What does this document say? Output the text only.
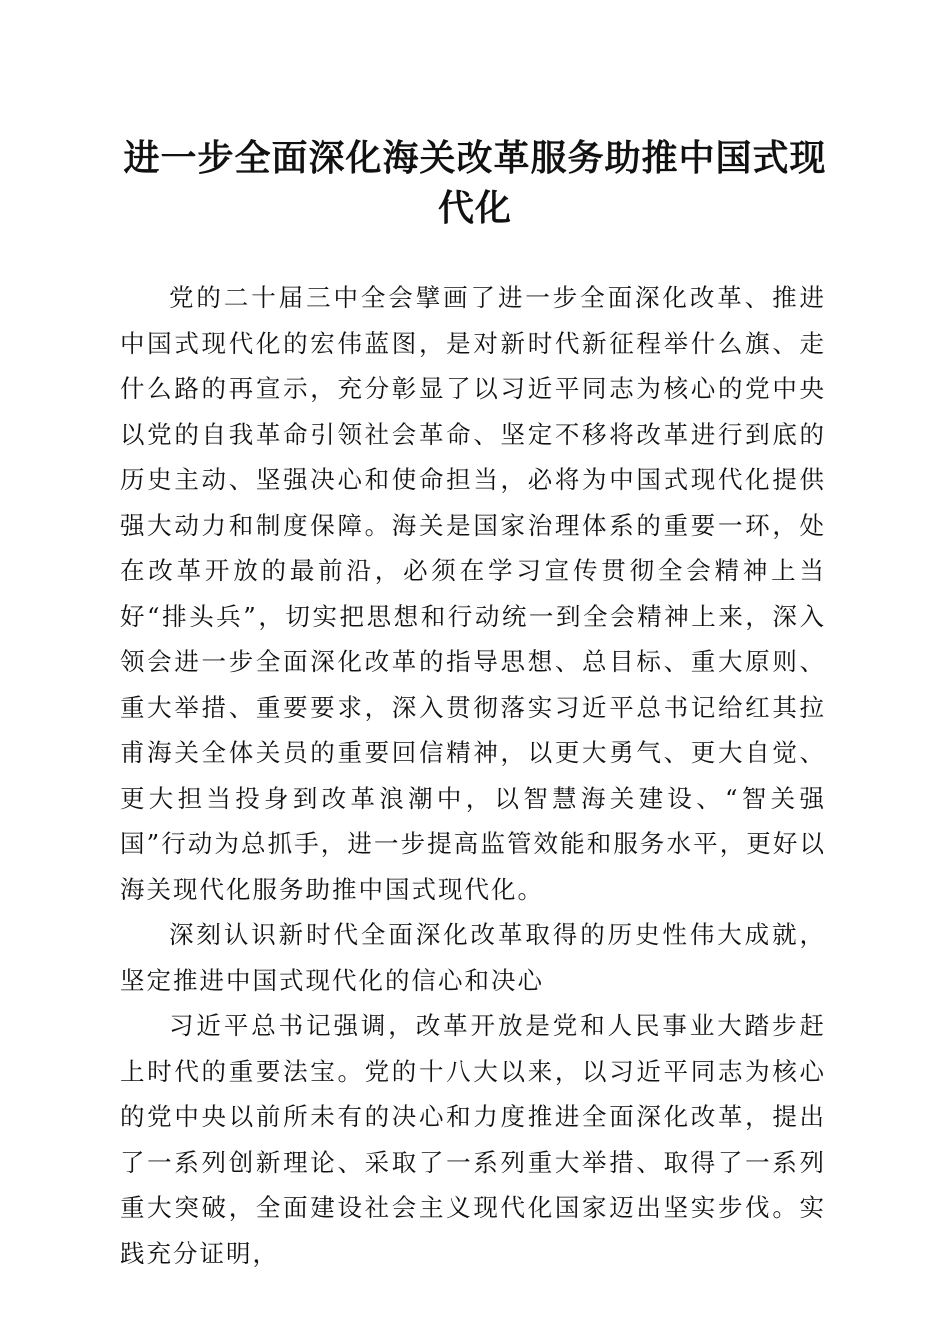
进一步全面深化海关改革服务助推中国式现代化

党的二十届三中全会擘画了进一步全面深化改革、推进中国式现代化的宏伟蓝图，是对新时代新征程举什么旗、走什么路的再宣示，充分彰显了以习近平同志为核心的党中央以党的自我革命引领社会革命、坚定不移将改革进行到底的历史主动、坚强决心和使命担当，必将为中国式现代化提供强大动力和制度保障。海关是国家治理体系的重要一环，处在改革开放的最前沿，必须在学习宣传贯彻全会精神上当好“排头兵”，切实把思想和行动统一到全会精神上来，深入领会进一步全面深化改革的指导思想、总目标、重大原则、重大举措、重要要求，深入贯彻落实习近平总书记给红其拉甫海关全体关员的重要回信精神，以更大勇气、更大自觉、更大担当投身到改革浪潮中，以智慧海关建设、“智关强国”行动为总抓手，进一步提高监管效能和服务水平，更好以海关现代化服务助推中国式现代化。

深刻认识新时代全面深化改革取得的历史性伟大成就，坚定推进中国式现代化的信心和决心

习近平总书记强调，改革开放是党和人民事业大踏步赶上时代的重要法宝。党的十八大以来，以习近平同志为核心的党中央以前所未有的决心和力度推进全面深化改革，提出了一系列创新理论、采取了一系列重大举措、取得了一系列重大突破，全面建设社会主义现代化国家迈出坚实步伐。实践充分证明，
